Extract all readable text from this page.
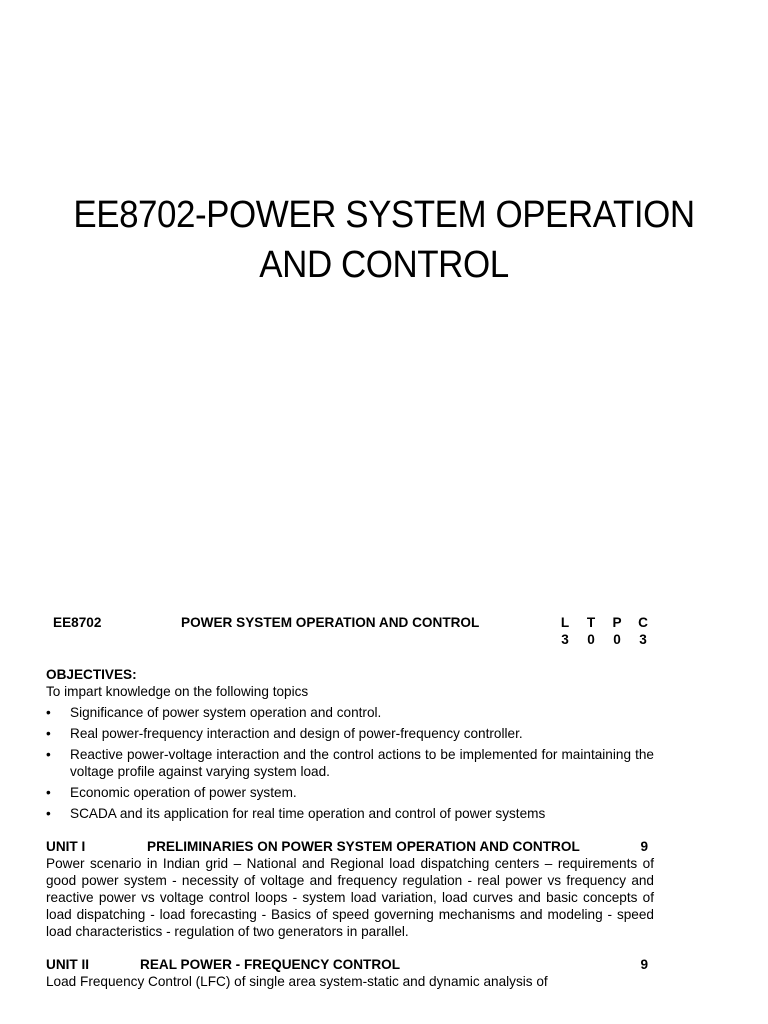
EE8702-POWER SYSTEM OPERATION
AND CONTROL
EE8702	POWER SYSTEM OPERATION AND CONTROL	L	T	P	C
3	0	0	3
OBJECTIVES:
To impart knowledge on the following topics
• Significance of power system operation and control.
• Real power-frequency interaction and design of power-frequency controller.
• Reactive power-voltage interaction and the control actions to be implemented for maintaining the voltage profile against varying system load.
• Economic operation of power system.
• SCADA and its application for real time operation and control of power systems
UNIT I	PRELIMINARIES ON POWER SYSTEM OPERATION AND CONTROL	9
Power scenario in Indian grid – National and Regional load dispatching centers – requirements of good power system - necessity of voltage and frequency regulation - real power vs frequency and reactive power vs voltage control loops - system load variation, load curves and basic concepts of load dispatching - load forecasting - Basics of speed governing mechanisms and modeling - speed load characteristics - regulation of two generators in parallel.
UNIT II	REAL POWER - FREQUENCY CONTROL	9
Load Frequency Control (LFC) of single area system-static and dynamic analysis of
